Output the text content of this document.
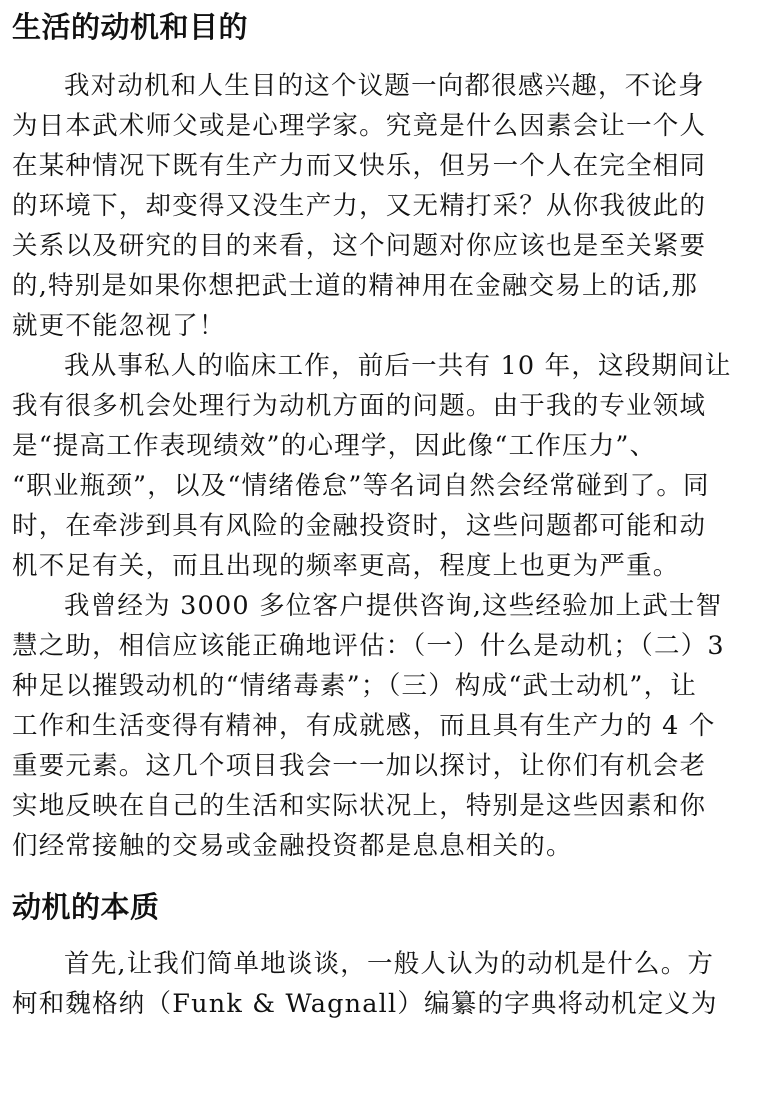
生活的动机和目的
我对动机和人生目的这个议题一向都很感兴趣，不论身
为日本武术师父或是心理学家。究竟是什么因素会让一个人
在某种情况下既有生产力而又快乐，但另一个人在完全相同
的环境下，却变得又没生产力，又无精打采？从你我彼此的
关系以及研究的目的来看，这个问题对你应该也是至关紧要
的,特别是如果你想把武士道的精神用在金融交易上的话,那
就更不能忽视了！
我从事私人的临床工作，前后一共有 10 年，这段期间让
我有很多机会处理行为动机方面的问题。由于我的专业领域
是“提高工作表现绩效”的心理学，因此像“工作压力”、
“职业瓶颈”，以及“情绪倦怠”等名词自然会经常碰到了。同
时，在牵涉到具有风险的金融投资时，这些问题都可能和动
机不足有关，而且出现的频率更高，程度上也更为严重。
我曾经为 3000 多位客户提供咨询,这些经验加上武士智
慧之助，相信应该能正确地评估：（一）什么是动机；（二）3
种足以摧毁动机的“情绪毒素”；（三）构成“武士动机”，让
工作和生活变得有精神，有成就感，而且具有生产力的 4 个
重要元素。这几个项目我会一一加以探讨，让你们有机会老
实地反映在自己的生活和实际状况上，特别是这些因素和你
们经常接触的交易或金融投资都是息息相关的。
动机的本质
首先,让我们简单地谈谈，一般人认为的动机是什么。方
柯和魏格纳（Funk & Wagnall）编纂的字典将动机定义为
